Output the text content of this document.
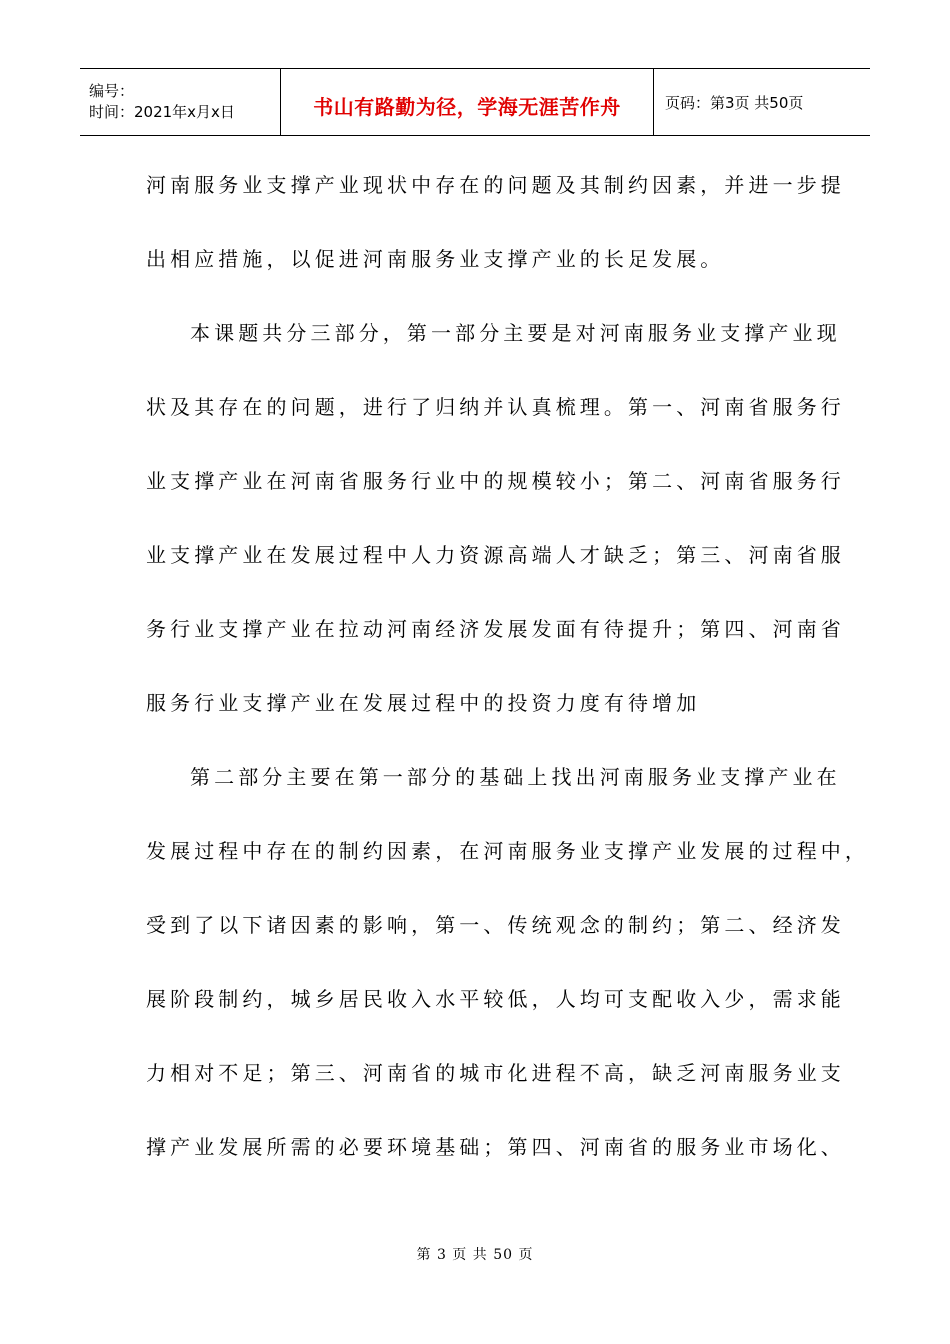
编号：
时间：2021年x月x日	书山有路勤为径，学海无涯苦作舟	页码：第3页 共50页
河南服务业支撑产业现状中存在的问题及其制约因素，并进一步提
出相应措施，以促进河南服务业支撑产业的长足发展。
本课题共分三部分，第一部分主要是对河南服务业支撑产业现
状及其存在的问题，进行了归纳并认真梳理。第一、河南省服务行
业支撑产业在河南省服务行业中的规模较小；第二、河南省服务行
业支撑产业在发展过程中人力资源高端人才缺乏；第三、河南省服
务行业支撑产业在拉动河南经济发展发面有待提升；第四、河南省
服务行业支撑产业在发展过程中的投资力度有待增加
第二部分主要在第一部分的基础上找出河南服务业支撑产业在
发展过程中存在的制约因素，在河南服务业支撑产业发展的过程中，
受到了以下诸因素的影响，第一、传统观念的制约；第二、经济发
展阶段制约，城乡居民收入水平较低，人均可支配收入少，需求能
力相对不足；第三、河南省的城市化进程不高，缺乏河南服务业支
撑产业发展所需的必要环境基础；第四、河南省的服务业市场化、
第 3 页 共 50 页
